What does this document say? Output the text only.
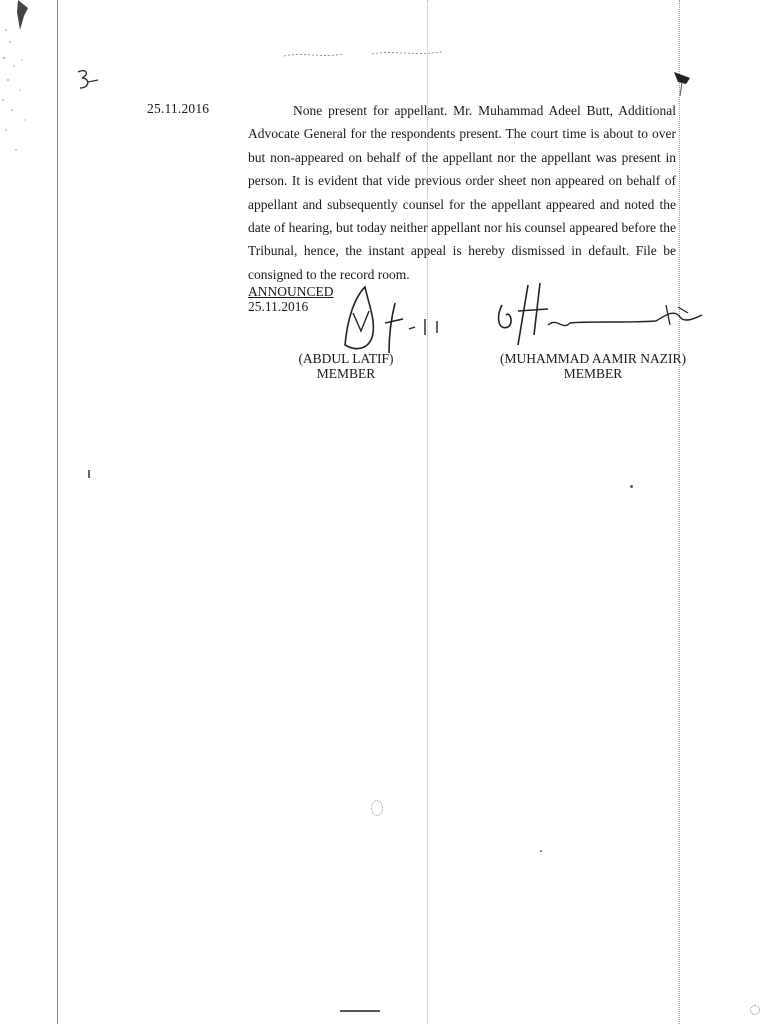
25.11.2016	None present for appellant. Mr. Muhammad Adeel Butt, Additional Advocate General for the respondents present. The court time is about to over but non-appeared on behalf of the appellant nor the appellant was present in person. It is evident that vide previous order sheet non appeared on behalf of appellant and subsequently counsel for the appellant appeared and noted the date of hearing, but today neither appellant nor his counsel appeared before the Tribunal, hence, the instant appeal is hereby dismissed in default. File be consigned to the record room.

ANNOUNCED
25.11.2016
(ABDUL LATIF)
MEMBER
(MUHAMMAD AAMIR NAZIR)
MEMBER
